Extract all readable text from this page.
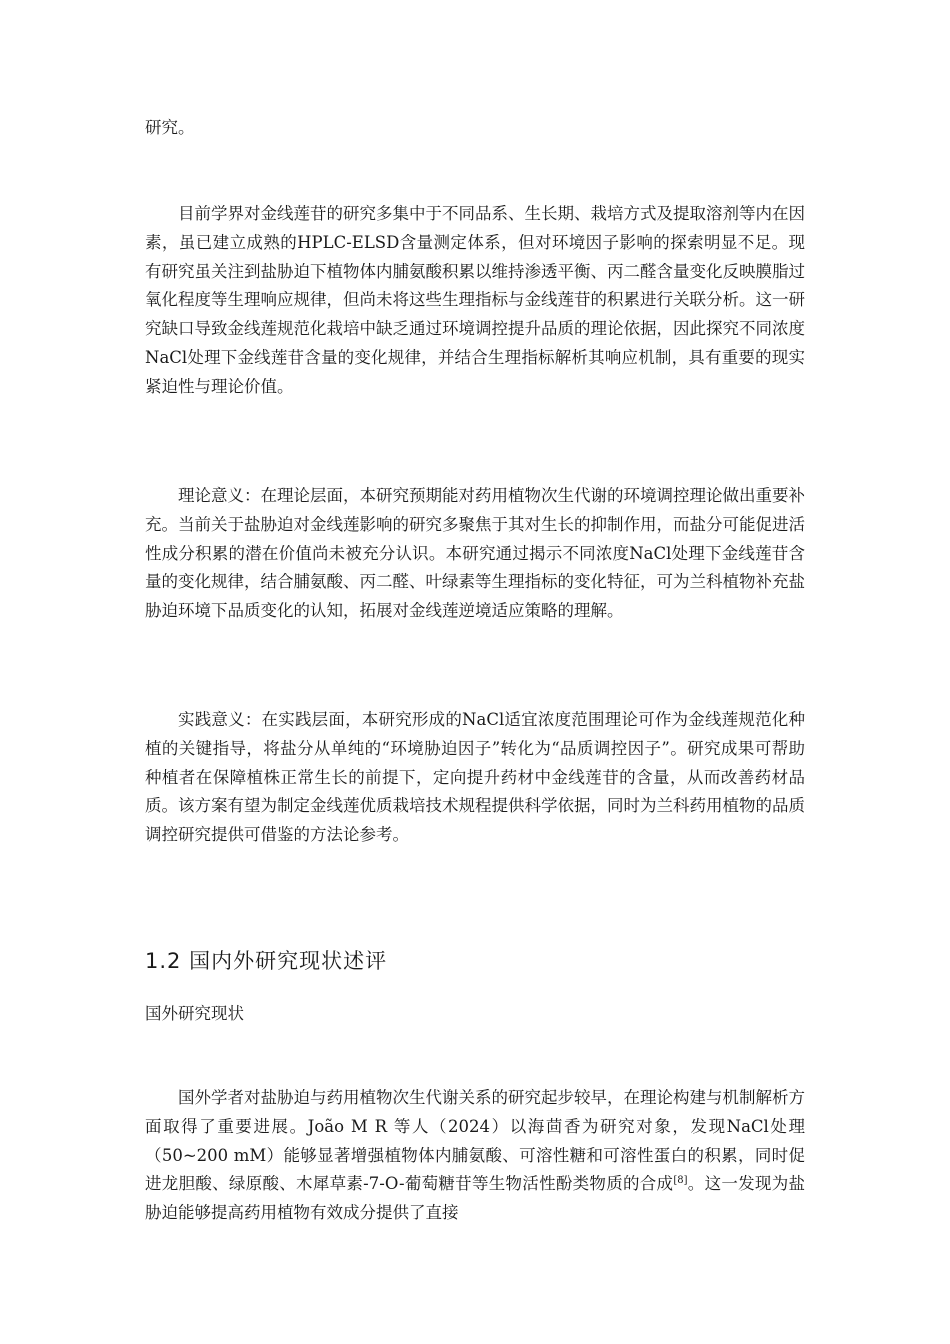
研究。

目前学界对金线莲苷的研究多集中于不同品系、生长期、栽培方式及提取溶剂等内在因素，虽已建立成熟的HPLC-ELSD含量测定体系，但对环境因子影响的探索明显不足。现有研究虽关注到盐胁迫下植物体内脯氨酸积累以维持渗透平衡、丙二醛含量变化反映膜脂过氧化程度等生理响应规律，但尚未将这些生理指标与金线莲苷的积累进行关联分析。这一研究缺口导致金线莲规范化栽培中缺乏通过环境调控提升品质的理论依据，因此探究不同浓度NaCl处理下金线莲苷含量的变化规律，并结合生理指标解析其响应机制，具有重要的现实紧迫性与理论价值。

理论意义：在理论层面，本研究预期能对药用植物次生代谢的环境调控理论做出重要补充。当前关于盐胁迫对金线莲影响的研究多聚焦于其对生长的抑制作用，而盐分可能促进活性成分积累的潜在价值尚未被充分认识。本研究通过揭示不同浓度NaCl处理下金线莲苷含量的变化规律，结合脯氨酸、丙二醛、叶绿素等生理指标的变化特征，可为兰科植物补充盐胁迫环境下品质变化的认知，拓展对金线莲逆境适应策略的理解。

实践意义：在实践层面，本研究形成的NaCl适宜浓度范围理论可作为金线莲规范化种植的关键指导，将盐分从单纯的“环境胁迫因子”转化为“品质调控因子”。研究成果可帮助种植者在保障植株正常生长的前提下，定向提升药材中金线莲苷的含量，从而改善药材品质。该方案有望为制定金线莲优质栽培技术规程提供科学依据，同时为兰科药用植物的品质调控研究提供可借鉴的方法论参考。

1.2 国内外研究现状述评

国外研究现状

国外学者对盐胁迫与药用植物次生代谢关系的研究起步较早，在理论构建与机制解析方面取得了重要进展。João M R 等人（2024）以海茴香为研究对象，发现NaCl处理（50~200 mM）能够显著增强植物体内脯氨酸、可溶性糖和可溶性蛋白的积累，同时促进龙胆酸、绿原酸、木犀草素-7-O-葡萄糖苷等生物活性酚类物质的合成[8]。这一发现为盐胁迫能够提高药用植物有效成分提供了直接
